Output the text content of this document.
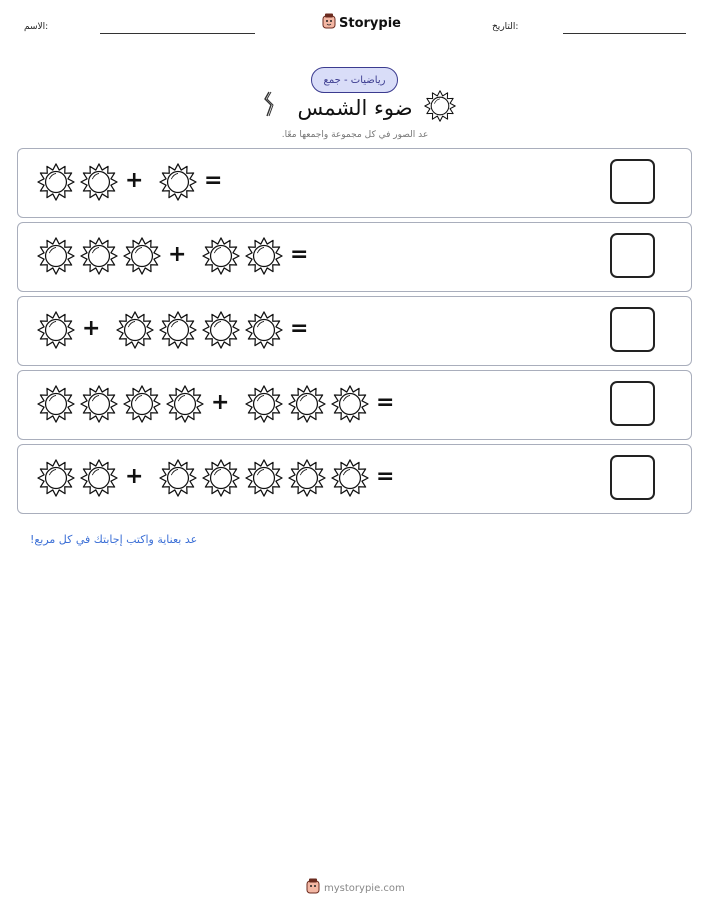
الاسم:	Storypie	التاريخ:
رياضيات - جمع
ضوء الشمس
عد الصور في كل مجموعة واجمعها معًا.
+	=
+	=
+	=
+	=
+	=
عد بعناية واكتب إجابتك في كل مربع!
mystorypie.com
